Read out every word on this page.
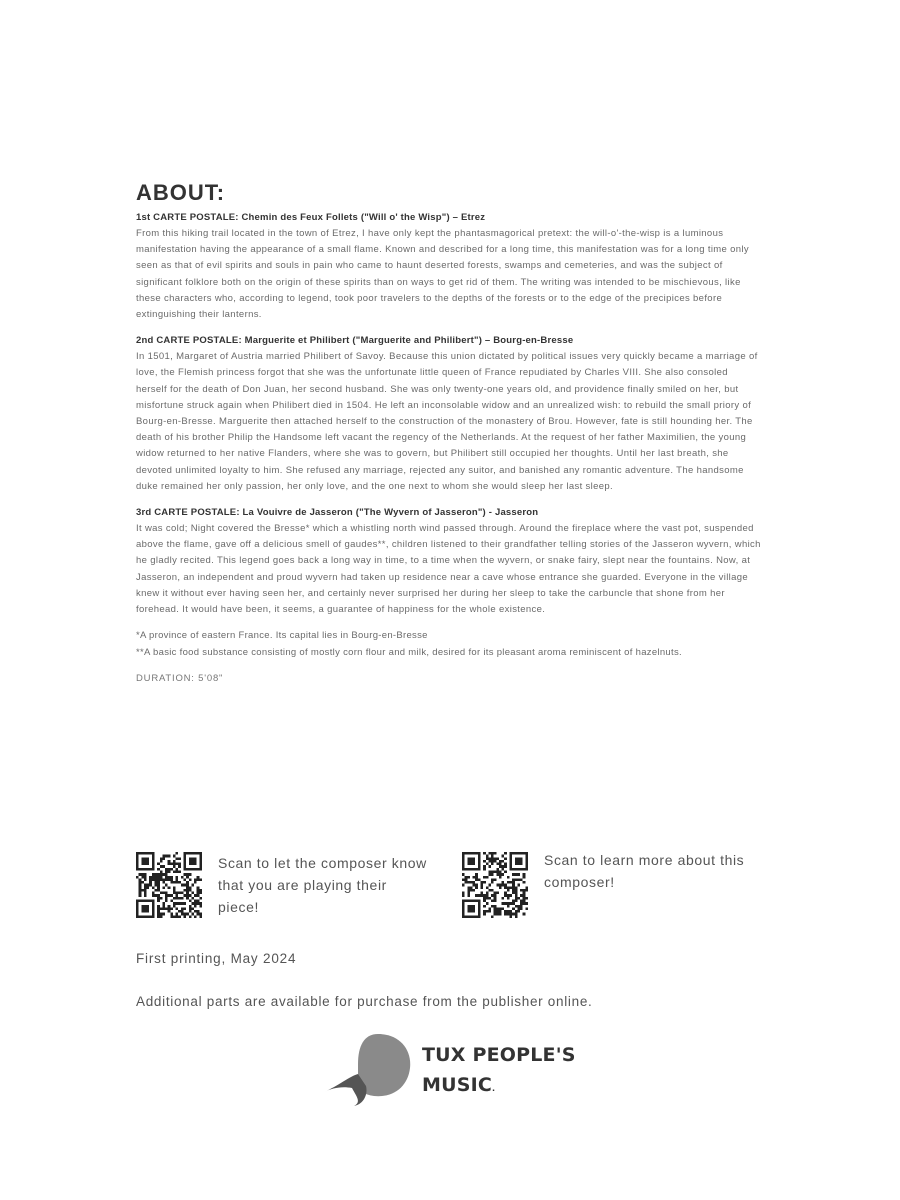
ABOUT:
1st CARTE POSTALE: Chemin des Feux Follets ("Will o' the Wisp") – Etrez
From this hiking trail located in the town of Etrez, I have only kept the phantasmagorical pretext: the will-o'-the-wisp is a luminous manifestation having the appearance of a small flame. Known and described for a long time, this manifestation was for a long time only seen as that of evil spirits and souls in pain who came to haunt deserted forests, swamps and cemeteries, and was the subject of significant folklore both on the origin of these spirits than on ways to get rid of them. The writing was intended to be mischievous, like these characters who, according to legend, took poor travelers to the depths of the forests or to the edge of the precipices before extinguishing their lanterns.
2nd CARTE POSTALE: Marguerite et Philibert ("Marguerite and Philibert") – Bourg-en-Bresse
In 1501, Margaret of Austria married Philibert of Savoy. Because this union dictated by political issues very quickly became a marriage of love, the Flemish princess forgot that she was the unfortunate little queen of France repudiated by Charles VIII. She also consoled herself for the death of Don Juan, her second husband. She was only twenty-one years old, and providence finally smiled on her, but misfortune struck again when Philibert died in 1504. He left an inconsolable widow and an unrealized wish: to rebuild the small priory of Bourg-en-Bresse. Marguerite then attached herself to the construction of the monastery of Brou. However, fate is still hounding her. The death of his brother Philip the Handsome left vacant the regency of the Netherlands. At the request of her father Maximilien, the young widow returned to her native Flanders, where she was to govern, but Philibert still occupied her thoughts. Until her last breath, she devoted unlimited loyalty to him. She refused any marriage, rejected any suitor, and banished any romantic adventure. The handsome duke remained her only passion, her only love, and the one next to whom she would sleep her last sleep.
3rd CARTE POSTALE: La Vouivre de Jasseron ("The Wyvern of Jasseron") - Jasseron
It was cold; Night covered the Bresse* which a whistling north wind passed through. Around the fireplace where the vast pot, suspended above the flame, gave off a delicious smell of gaudes**, children listened to their grandfather telling stories of the Jasseron wyvern, which he gladly recited. This legend goes back a long way in time, to a time when the wyvern, or snake fairy, slept near the fountains. Now, at Jasseron, an independent and proud wyvern had taken up residence near a cave whose entrance she guarded. Everyone in the village knew it without ever having seen her, and certainly never surprised her during her sleep to take the carbuncle that shone from her forehead. It would have been, it seems, a guarantee of happiness for the whole existence.
*A province of eastern France. Its capital lies in Bourg-en-Bresse
**A basic food substance consisting of mostly corn flour and milk, desired for its pleasant aroma reminiscent of hazelnuts.
DURATION: 5'08"
Scan to let the composer know that you are playing their piece!
Scan to learn more about this composer!
First printing, May 2024
Additional parts are available for purchase from the publisher online.
TUX PEOPLE'S
MUSIC.
